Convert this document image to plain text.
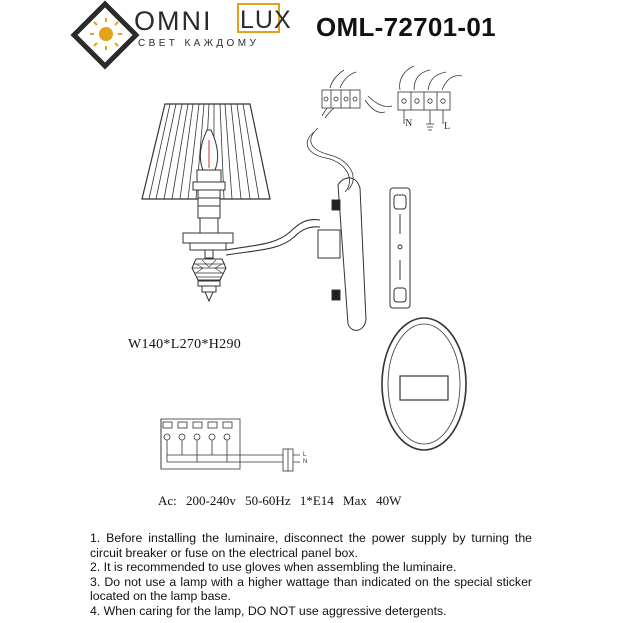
L
N
N	L
OMNI LUX
СВЕТ КАЖДОМУ
OML-72701-01
W140*L270*H290
Ac: 200-240v 50-60Hz 1*E14 Max 40W
1. Before installing the luminaire, disconnect the power supply by turning the circuit breaker or fuse on the electrical panel box.
2. It is recommended to use gloves when assembling the luminaire.
3. Do not use a lamp with a higher wattage than indicated on the special sticker located on the lamp base.
4. When caring for the lamp, DO NOT use aggressive detergents.
